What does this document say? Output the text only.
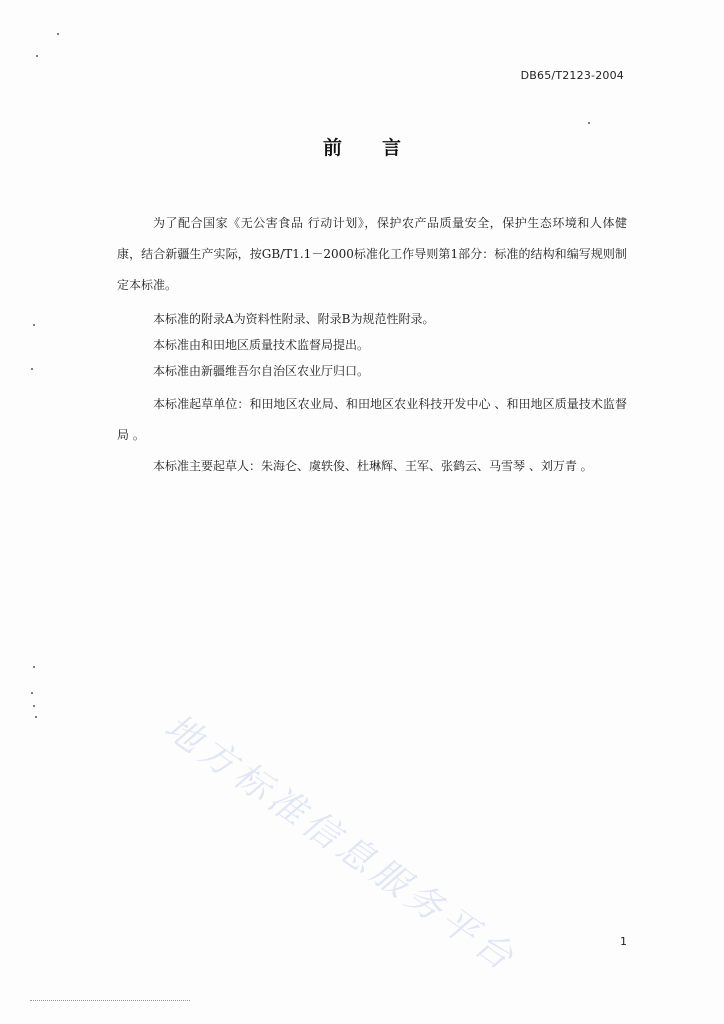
DB65/T2123-2004
前言

为了配合国家《无公害食品 行动计划》，保护农产品质量安全，保护生态环境和人体健康，结合新疆生产实际，按GB/T1.1－2000标准化工作导则第1部分：标准的结构和编写规则制定本标准。

本标准的附录A为资料性附录、附录B为规范性附录。

本标准由和田地区质量技术监督局提出。

本标准由新疆维吾尔自治区农业厅归口。

本标准起草单位：和田地区农业局、和田地区农业科技开发中心 、和田地区质量技术监督局 。

本标准主要起草人：朱海仑、虞轶俊、杜琳辉、王军、张鹤云、马雪琴 、刘万青 。

地方标准信息服务平台	1
